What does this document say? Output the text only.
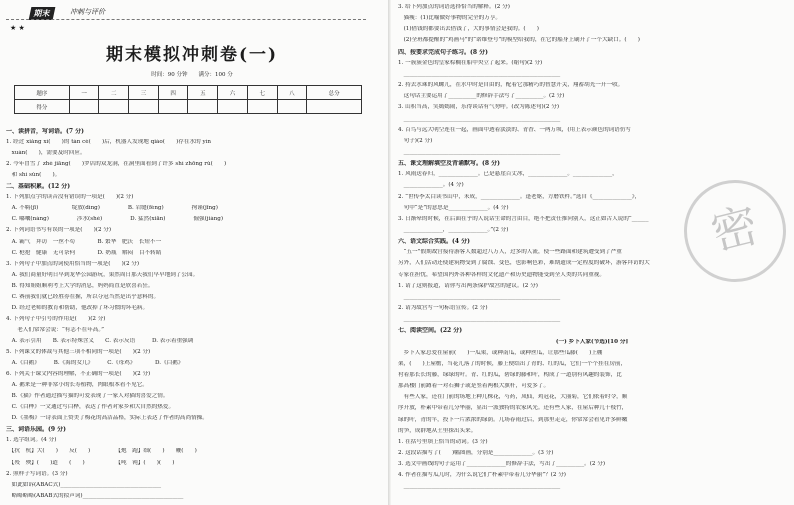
期末	冲刺与评价
★ ★
期末模拟冲刺卷(一)
时间：90 分钟　　满分：100 分
题序	一	二	三	四	五	六	七	八	总分
得分									
一、读拼音，写词语。(7 分)
1. 经过 xiǎng xì(　　)的 tàn cè(　　)后，机器人发现地 qiào(　　)存在水的 yìn
　xuàn(　　)，需要及时回应。
2. 今年冒雪了 zhè jiāng(　　)罗店的双龙洞，在洞里面看到了许多 shí zhōng rǔ(　　)
　和 shí sǔn(　　)。
二、基础积累。(12 分)
1. 下列加点字的读音没有错误的一项是(　　)(2 分)
　A. 不羁(jī)　　　　　　绽放(dìng)　　　　　B. 岩缝(fèng)　　　　　拘谨(jīng)
　C. 嘟囔(nàng)　　　　　涉水(shè)　　　　　D. 猛然(xiān)　　　　　倔强(jiàng)
2. 下列词语书写有误的一项是(　　)(2 分)
　A. 霸气　拜访　一丝不苟　　　　B. 繁华　肥沃　长短不一
　C. 枪抢　健康　无可奈何　　　　D. 奶瓶　解闷　目不转睛
3. 下列句子中加点的词使用恰当的一项是(　　)(2 分)
　A. 我们商量好明日早到龙华公园游玩，果然周日那天我们早早地到了公园。
　B. 得知姐姐顺利考上大学的消息，妈妈简直是欣喜若狂。
　C. 赛前我们就已经胜券在握，所以夺冠当然是出乎意料的。
　D. 经过老师的教育和帮助，他改掉了坏习惯的坏毛病。
4. 下列句子中引号的作用是(　　)(2 分)
　　老人们常常会说：“有志不在年高。”
　A. 表示引用　　B. 表示特殊含义　　C. 表示反语　　　D. 表示着重强调
5. 下列课文的体裁与其他三项不相同的一项是(　　)(2 分)
　A.《白鹅》　　　B.《海的女儿》　　　C.《母鸡》　　　　D.《白鹅》
6. 下列关于课文内容的理解，不正确的一项是(　　)(2 分)
　A. 鹅来是一种非常小的长寿植物，肉眼根本看不见它。
　B.《猫》作者通过描写猫的可爱表现了一家人对猫的喜爱之情。
　C.《白桦》一文通过写白桦，表达了作者对家乡和大自然的热爱。
　D.《墨梅》一诗表面上赞美了梅花的高洁品格，实际上表达了作者的高尚情操。
三、词语乐园。(9 分)
1. 选字组词。(4 分)
　【抗　杭】大(　　)　　反(　　)　　　　　【炮　跑】细(　　)　　鞭(　　)
　【殁　殃】(　　)道　　(　　)　　　　　　【吨　钝】(　　)(　　)
2. 照样子写词语。(3 分)
　如此如诉(ABAC式)____________________________________
　略略略略(ABAB式的拟声词)____________________________________
3. 给下列加点的词语选择恰当的解释。(2 分)
　猫瘦：(1)比喻做好事物的完全的万亨。
　(1)借钱的都要出去借钱了，大的事情会是我的。(　　)
　(2)全班都提醒的“鸡画马”的“诺维登号”的模型给我的，在它的船身上刷开了一个大缺口。(　　)
四、按要求完成句子练习。(8 分)
1. 一簇簇金色的皇家棕榈在船中央立了起来。(缩句)(2 分)
　________________________________________________________
2. 持去水珠的风螺儿，在水中时是自由的，配着它那精巧的智慧开关，翔蓄胡光一开一收。
　这句话主要运用了__________的修辞手法写了__________。(2 分)
3. 山积当高，笑嫣嫣闹，乐得谈话有气势呼。(改为陈述句)(2 分)
　________________________________________________________
4. 百鸟与远大明空连在一起，画面中透着淡淡的、青香、一两万顷，(用上表示颜色的词语仿写
　句子)(2 分)
　________________________________________________________
五、课文理解填空及背诵默写。(8 分)
1. 风雨送春归，______________。已是悬崖百丈冰，______________。______________，
　______________。(4 分)
2. “世传李太白读书山中，未成，______________。逢老妪，方磨铁杵。”选自《______________》，
　句中“是”的意思是______________。(4 分)
3. 日渐晕的时候，在后面在乎的人说话生命的言由目，绝不把责任推向别人，这正如古人说的“______
　______________，______________。”(2 分)
六、语文综合实践。(4 分)
　“五一”假期故宫接待游客人数超过八万人，过多的人流，使一些路面和建筑遭受到了严重
另外，人们活动还使建筑物受到了腐蚀、变色，也影响色彩，难期遗成一定程度的破坏，游客拜访的大
专家在担忧，希望国内外各种各样的文化遗产和历史遗物能受到全人类的共同重视。
1. 请了这则报道，请你写出两条保护故宫的建议。(2 分)
　________________________________________________________
2. 请为故宫写一句标语宣传。(2 分)
　________________________________________________________
七、阅读空间。(22 分)
(一) 乡下人家(节选)[10 分]
　乡下人家总爱在屋前(　　)一瓜架，或种南瓜，或种丝瓜，让那些瓜藤(　　)上棚
架，(　　)上屋檐，当花儿落了的时候，藤上便结出了青的、红的瓜，它们一个个挂在房前，
衬着那长长的藤，绿绿的叶。青、红的瓜，碧绿的藤和叶，构成了一道别有风趣的装饰，比
那高楼门前蹲着一对石狮子或是竖着两根大旗杆，可爱多了。
　有些人家，还在门前的场地上种几株花，芍药，凤仙，鸡冠花，大丽菊，它们依着时令，顺
序开放，朴素中带着几分华丽，显出一派独特的农家风光。还有些人家，在屋后种几十枝竹，
绿的叶，青的竿，投下一片浓浓的绿荫。几场春雨过后，到那里走走，你常常会看见许多鲜嫩
的笋，成群地从土里探出头来。
1. 在括号里填上恰当的动词。(3 分)
2. 这段话描写了(　　)幅图画，分别是______________。(3 分)
3. 选文中画线的句子运用了______________的修辞手法，写出了__________。(2 分)
4. 作者在描写瓜儿时，为什么说它们“朴素中带着几分华丽”？(2 分)
　________________________________________________________
密
